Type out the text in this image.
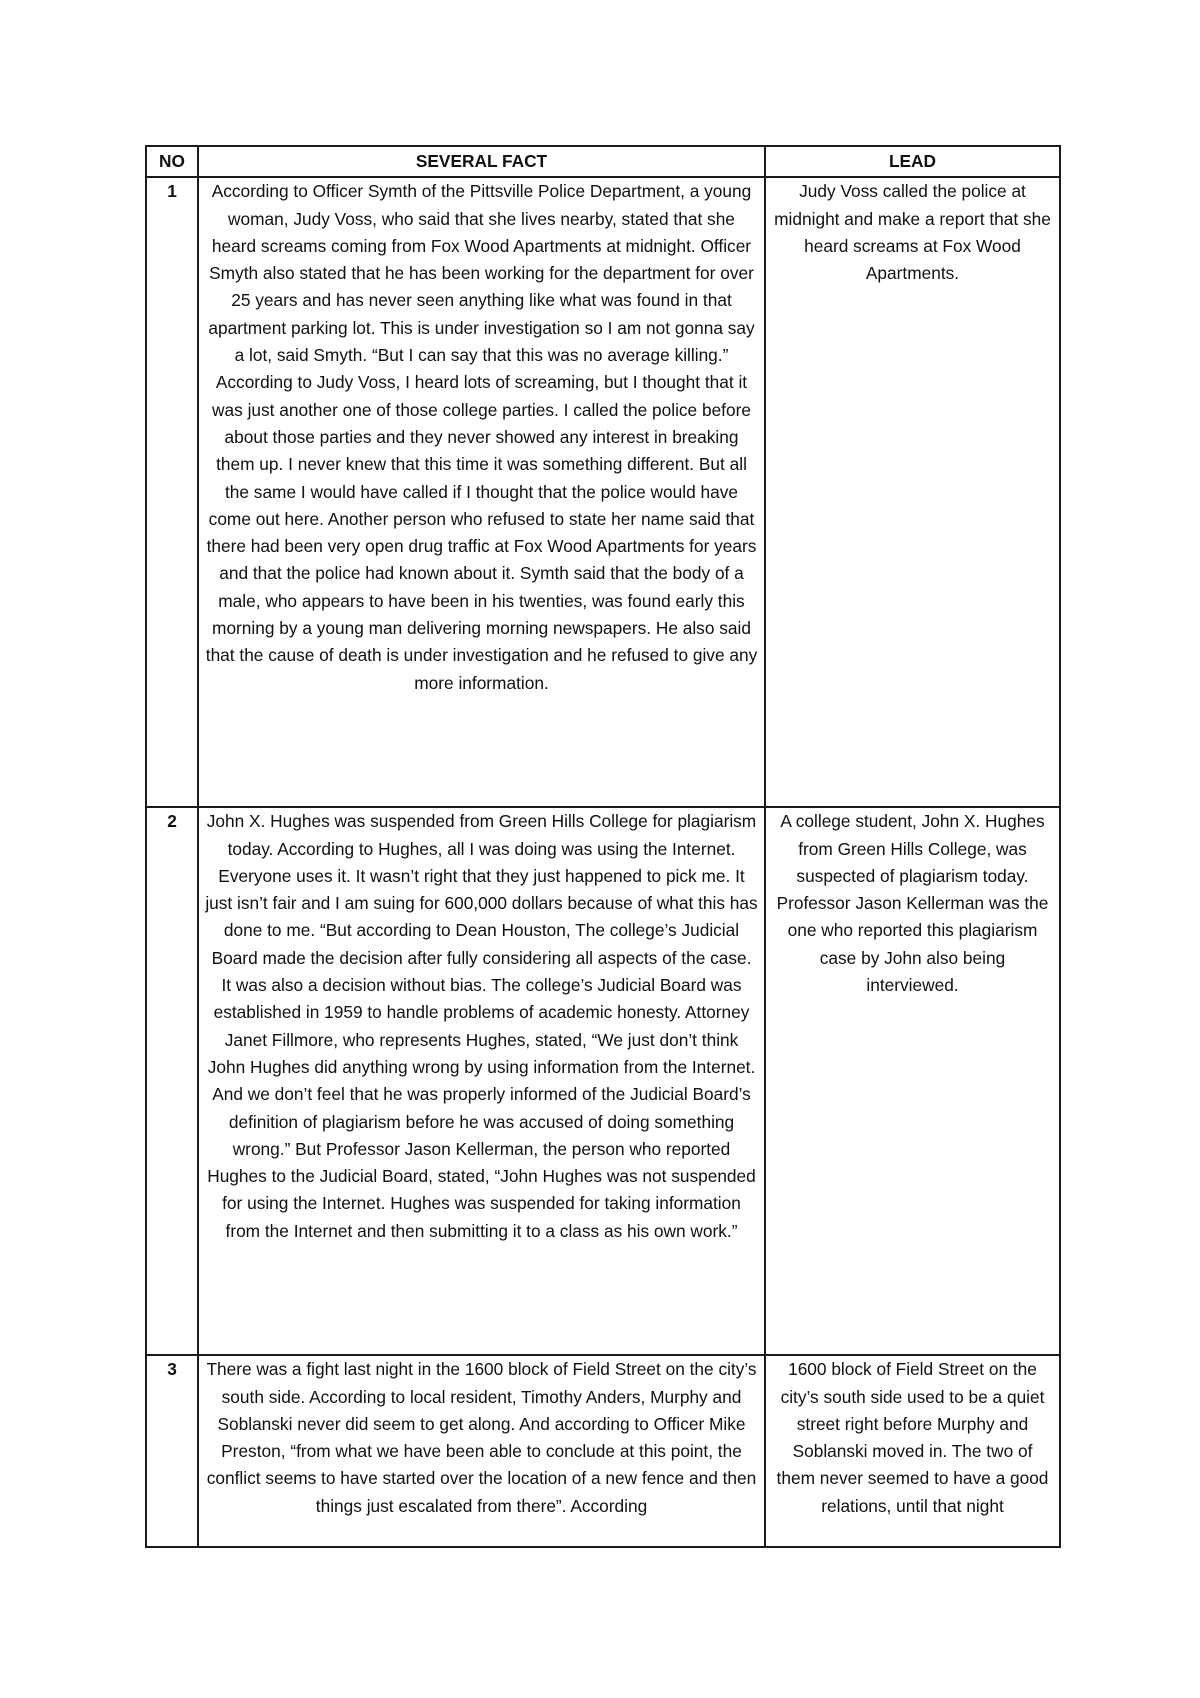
NO	SEVERAL FACT	LEAD
1	According to Officer Symth of the Pittsville Police Department, a young woman, Judy Voss, who said that she lives nearby, stated that she heard screams coming from Fox Wood Apartments at midnight. Officer Smyth also stated that he has been working for the department for over 25 years and has never seen anything like what was found in that apartment parking lot. This is under investigation so I am not gonna say a lot, said Smyth. “But I can say that this was no average killing.” According to Judy Voss, I heard lots of screaming, but I thought that it was just another one of those college parties. I called the police before about those parties and they never showed any interest in breaking them up. I never knew that this time it was something different. But all the same I would have called if I thought that the police would have come out here. Another person who refused to state her name said that there had been very open drug traffic at Fox Wood Apartments for years and that the police had known about it. Symth said that the body of a male, who appears to have been in his twenties, was found early this morning by a young man delivering morning newspapers. He also said that the cause of death is under investigation and he refused to give any more information.	Judy Voss called the police at midnight and make a report that she heard screams at Fox Wood Apartments.

2	John X. Hughes was suspended from Green Hills College for plagiarism today. According to Hughes, all I was doing was using the Internet. Everyone uses it. It wasn’t right that they just happened to pick me. It just isn’t fair and I am suing for 600,000 dollars because of what this has done to me. “But according to Dean Houston, The college’s Judicial Board made the decision after fully considering all aspects of the case. It was also a decision without bias. The college’s Judicial Board was established in 1959 to handle problems of academic honesty. Attorney Janet Fillmore, who represents Hughes, stated, “We just don’t think John Hughes did anything wrong by using information from the Internet. And we don’t feel that he was properly informed of the Judicial Board’s definition of plagiarism before he was accused of doing something wrong.” But Professor Jason Kellerman, the person who reported Hughes to the Judicial Board, stated, “John Hughes was not suspended for using the Internet. Hughes was suspended for taking information from the Internet and then submitting it to a class as his own work.”	A college student, John X. Hughes from Green Hills College, was suspected of plagiarism today. Professor Jason Kellerman was the one who reported this plagiarism case by John also being interviewed.

3	There was a fight last night in the 1600 block of Field Street on the city’s south side. According to local resident, Timothy Anders, Murphy and Soblanski never did seem to get along. And according to Officer Mike Preston, “from what we have been able to conclude at this point, the conflict seems to have started over the location of a new fence and then things just escalated from there”. According	1600 block of Field Street on the city’s south side used to be a quiet street right before Murphy and Soblanski moved in. The two of them never seemed to have a good relations, until that night
